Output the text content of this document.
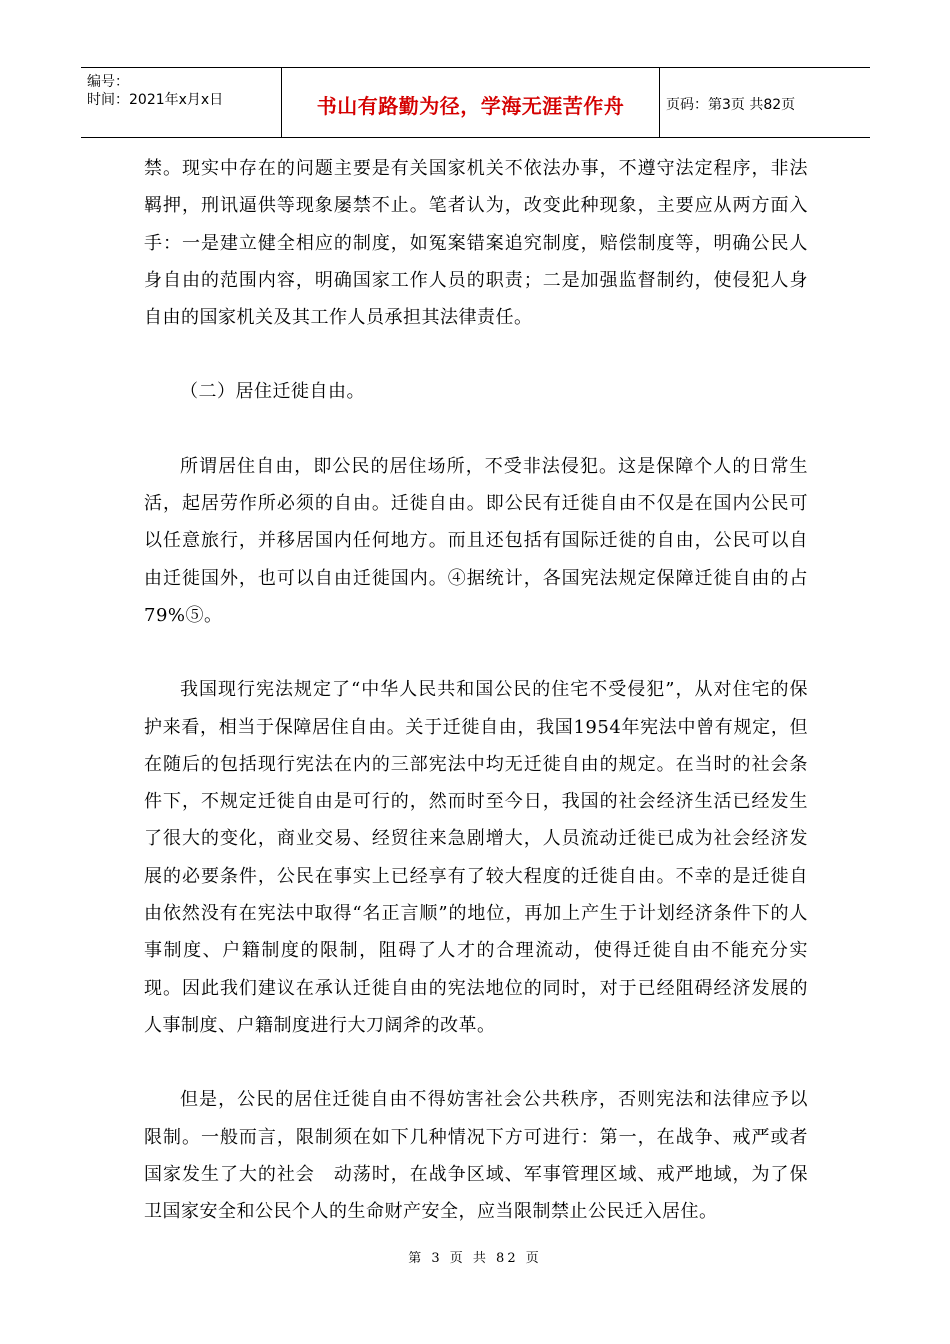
编号：
时间：2021年x月x日	书山有路勤为径，学海无涯苦作舟	页码：第3页 共82页

禁。现实中存在的问题主要是有关国家机关不依法办事，不遵守法定程序，非法羁押，刑讯逼供等现象屡禁不止。笔者认为，改变此种现象，主要应从两方面入手：一是建立健全相应的制度，如冤案错案追究制度，赔偿制度等，明确公民人身自由的范围内容，明确国家工作人员的职责；二是加强监督制约，使侵犯人身自由的国家机关及其工作人员承担其法律责任。

（二）居住迁徙自由。

所谓居住自由，即公民的居住场所，不受非法侵犯。这是保障个人的日常生活，起居劳作所必须的自由。迁徙自由。即公民有迁徙自由不仅是在国内公民可以任意旅行，并移居国内任何地方。而且还包括有国际迁徙的自由，公民可以自由迁徙国外，也可以自由迁徙国内。④据统计，各国宪法规定保障迁徙自由的占79%⑤。

我国现行宪法规定了“中华人民共和国公民的住宅不受侵犯”，从对住宅的保护来看，相当于保障居住自由。关于迁徙自由，我国1954年宪法中曾有规定，但在随后的包括现行宪法在内的三部宪法中均无迁徙自由的规定。在当时的社会条件下，不规定迁徙自由是可行的，然而时至今日，我国的社会经济生活已经发生了很大的变化，商业交易、经贸往来急剧增大，人员流动迁徙已成为社会经济发展的必要条件，公民在事实上已经享有了较大程度的迁徙自由。不幸的是迁徙自由依然没有在宪法中取得“名正言顺”的地位，再加上产生于计划经济条件下的人事制度、户籍制度的限制，阻碍了人才的合理流动，使得迁徙自由不能充分实现。因此我们建议在承认迁徙自由的宪法地位的同时，对于已经阻碍经济发展的人事制度、户籍制度进行大刀阔斧的改革。

但是，公民的居住迁徙自由不得妨害社会公共秩序，否则宪法和法律应予以限制。一般而言，限制须在如下几种情况下方可进行：第一，在战争、戒严或者国家发生了大的社会　动荡时，在战争区域、军事管理区域、戒严地域，为了保卫国家安全和公民个人的生命财产安全，应当限制禁止公民迁入居住。

第 3 页 共 82 页
